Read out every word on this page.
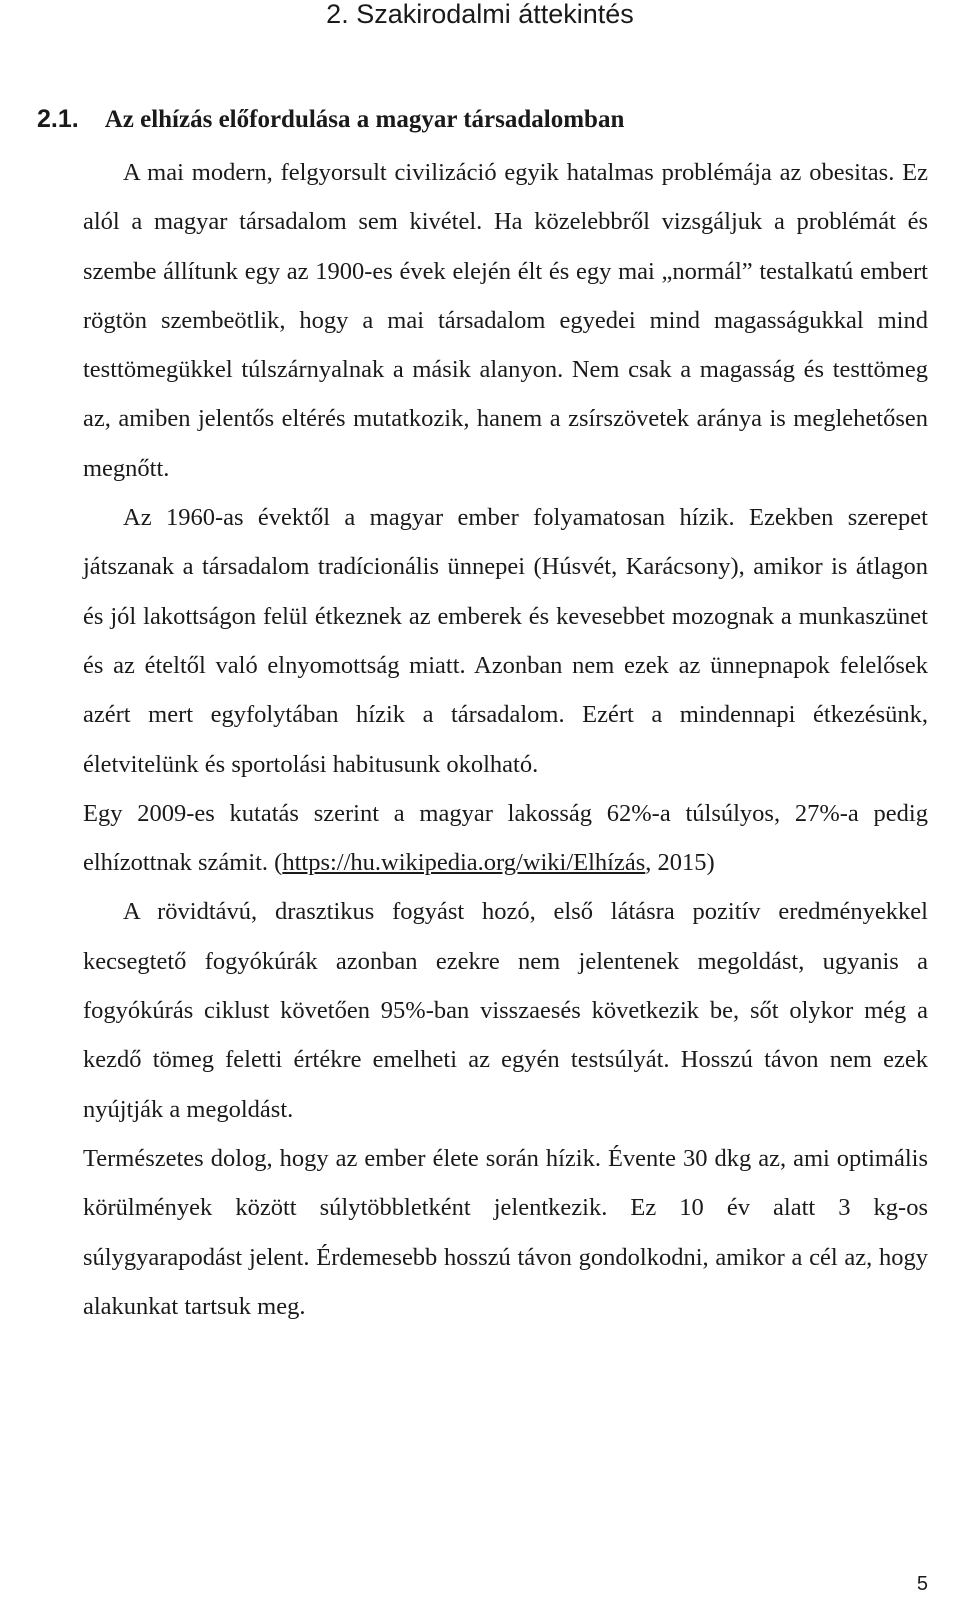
2. Szakirodalmi áttekintés
2.1. Az elhízás előfordulása a magyar társadalomban

A mai modern, felgyorsult civilizáció egyik hatalmas problémája az obesitas. Ez alól a magyar társadalom sem kivétel. Ha közelebbről vizsgáljuk a problémát és szembe állítunk egy az 1900-es évek elején élt és egy mai „normál” testalkatú embert rögtön szembeötlik, hogy a mai társadalom egyedei mind magasságukkal mind testtömegükkel túlszárnyalnak a másik alanyon. Nem csak a magasság és testtömeg az, amiben jelentős eltérés mutatkozik, hanem a zsírszövetek aránya is meglehetősen megnőtt.

Az 1960-as évektől a magyar ember folyamatosan hízik. Ezekben szerepet játszanak a társadalom tradícionális ünnepei (Húsvét, Karácsony), amikor is átlagon és jól lakottságon felül étkeznek az emberek és kevesebbet mozognak a munkaszünet és az ételtől való elnyomottság miatt. Azonban nem ezek az ünnepnapok felelősek azért mert egyfolytában hízik a társadalom. Ezért a mindennapi étkezésünk, életvitelünk és sportolási habitusunk okolható.

Egy 2009-es kutatás szerint a magyar lakosság 62%-a túlsúlyos, 27%-a pedig elhízottnak számit. (https://hu.wikipedia.org/wiki/Elhízás, 2015)

A rövidtávú, drasztikus fogyást hozó, első látásra pozitív eredményekkel kecsegtető fogyókúrák azonban ezekre nem jelentenek megoldást, ugyanis a fogyókúrás ciklust követően 95%-ban visszaesés következik be, sőt olykor még a kezdő tömeg feletti értékre emelheti az egyén testsúlyát. Hosszú távon nem ezek nyújtják a megoldást.

Természetes dolog, hogy az ember élete során hízik. Évente 30 dkg az, ami optimális körülmények között súlytöbbletként jelentkezik. Ez 10 év alatt 3 kg-os súlygyarapodást jelent. Érdemesebb hosszú távon gondolkodni, amikor a cél az, hogy alakunkat tartsuk meg.

5
